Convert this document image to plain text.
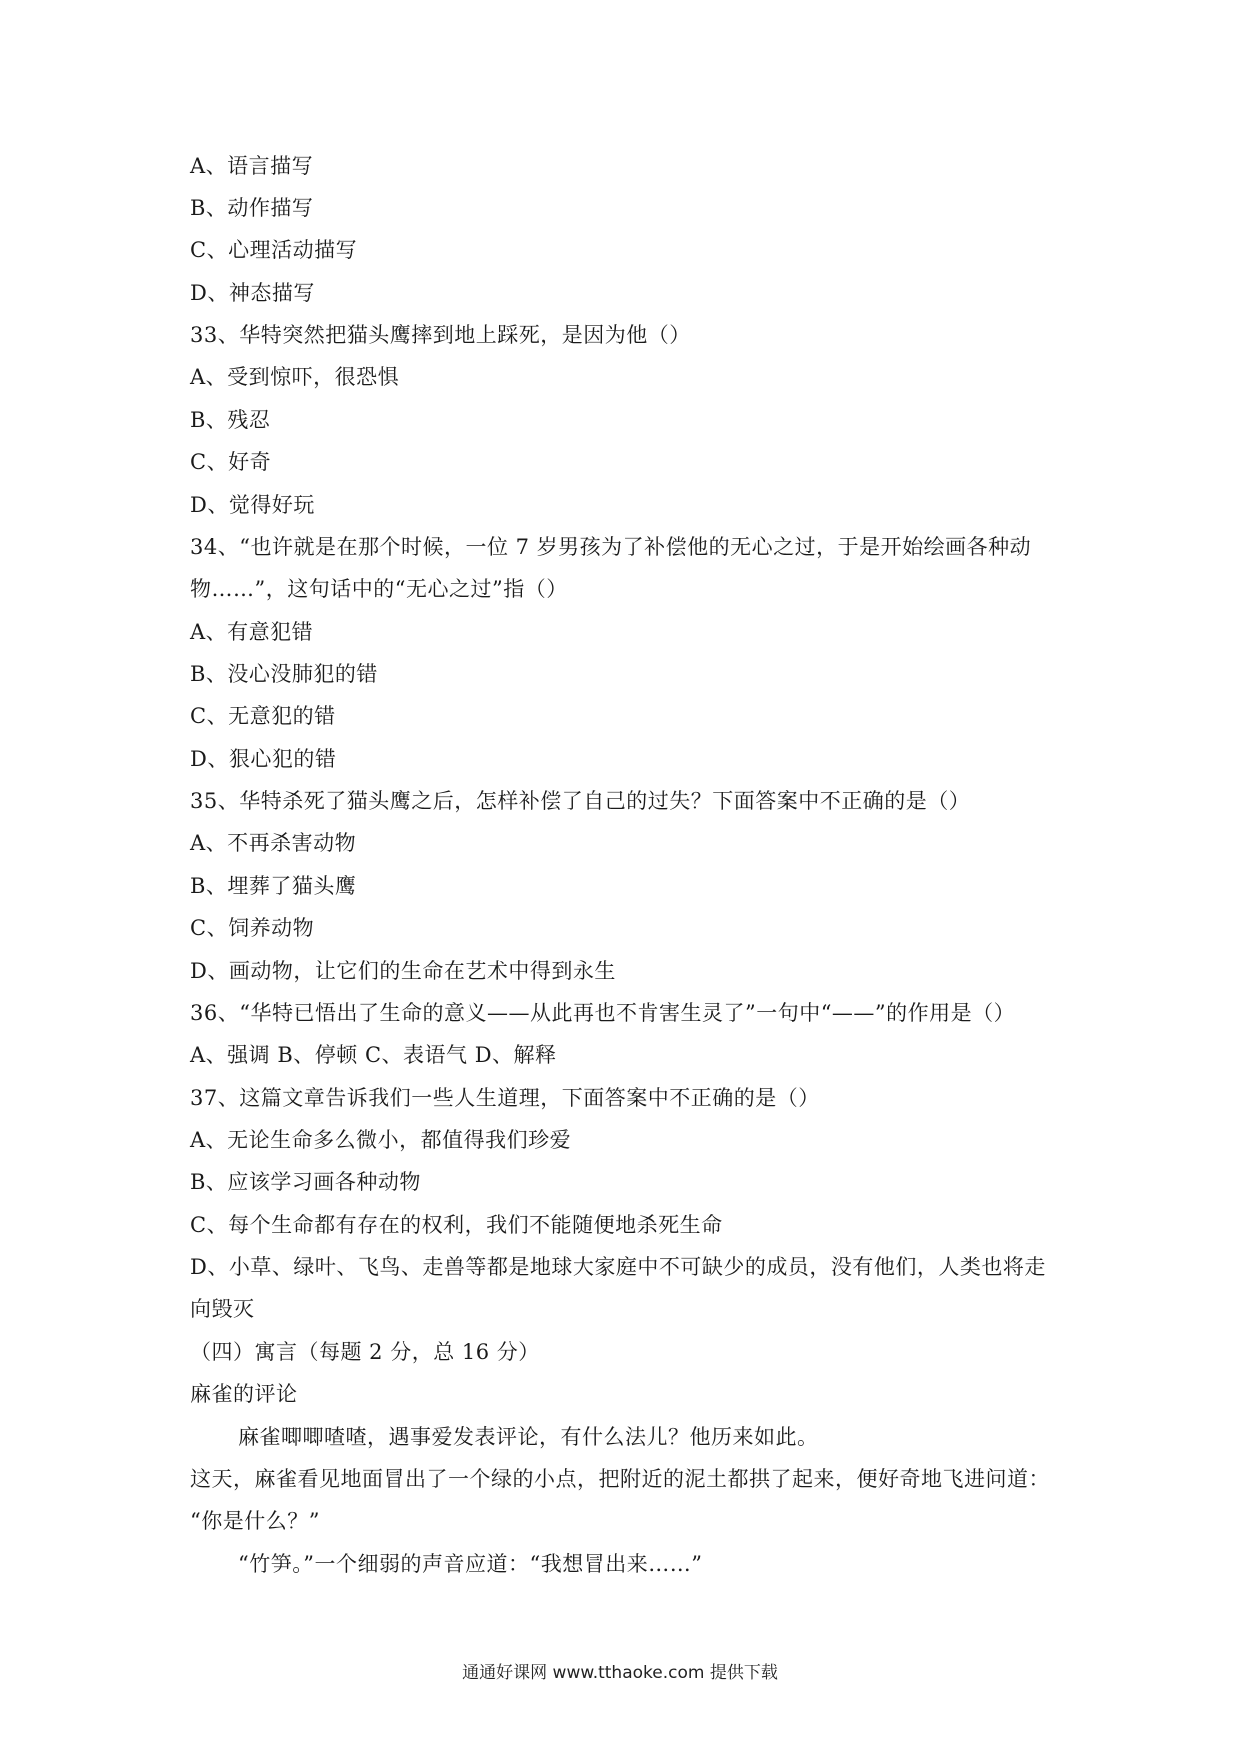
A、语言描写
B、动作描写
C、心理活动描写
D、神态描写
33、华特突然把猫头鹰摔到地上踩死，是因为他（）
A、受到惊吓，很恐惧
B、残忍
C、好奇
D、觉得好玩
34、“也许就是在那个时候，一位 7 岁男孩为了补偿他的无心之过，于是开始绘画各种动
物……”，这句话中的“无心之过”指（）
A、有意犯错
B、没心没肺犯的错
C、无意犯的错
D、狠心犯的错
35、华特杀死了猫头鹰之后，怎样补偿了自己的过失？下面答案中不正确的是（）
A、不再杀害动物
B、埋葬了猫头鹰
C、饲养动物
D、画动物，让它们的生命在艺术中得到永生
36、“华特已悟出了生命的意义——从此再也不肯害生灵了”一句中“——”的作用是（）
A、强调 B、停顿 C、表语气 D、解释
37、这篇文章告诉我们一些人生道理，下面答案中不正确的是（）
A、无论生命多么微小，都值得我们珍爱
B、应该学习画各种动物
C、每个生命都有存在的权利，我们不能随便地杀死生命
D、小草、绿叶、飞鸟、走兽等都是地球大家庭中不可缺少的成员，没有他们，人类也将走
向毁灭
（四）寓言（每题 2 分，总 16 分）
麻雀的评论
麻雀唧唧喳喳，遇事爱发表评论，有什么法儿？他历来如此。
这天，麻雀看见地面冒出了一个绿的小点，把附近的泥土都拱了起来，便好奇地飞进问道：
“你是什么？”
“竹笋。”一个细弱的声音应道：“我想冒出来……”
通通好课网 www.tthaoke.com 提供下载
